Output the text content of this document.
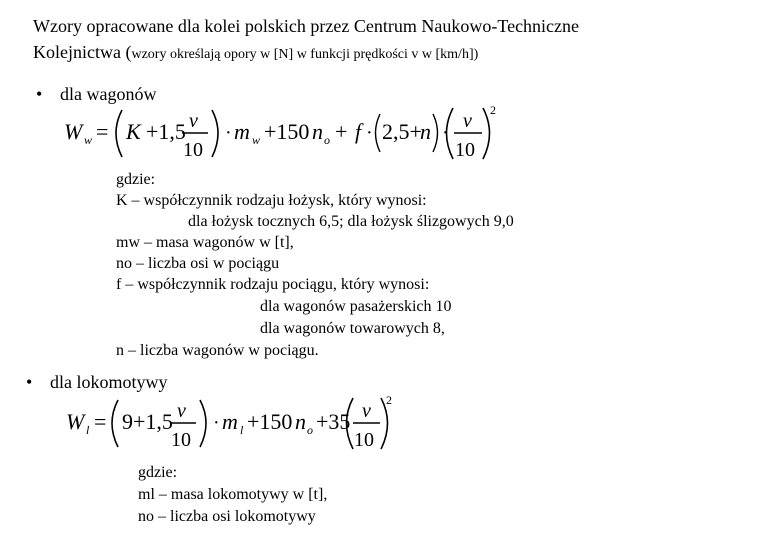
Wzory opracowane dla kolei polskich przez Centrum Naukowo-Techniczne
Kolejnictwa (wzory określają opory w [N] w funkcji prędkości v w [km/h])
• dla wagonów
W w = K +1,5 v
10
· m w +150 n o + f · 2,5+
n ·
v
10
2
gdzie:
K – współczynnik rodzaju łożysk, który wynosi:
dla łożysk tocznych 6,5; dla łożysk ślizgowych 9,0
mw – masa wagonów w [t],
no – liczba osi w pociągu
f – współczynnik rodzaju pociągu, który wynosi:
dla wagonów pasażerskich 10
dla wagonów towarowych 8,
n – liczba wagonów w pociągu.
• dla lokomotywy
W l = 9+1,5 v
10
· m l +150 n o +35 v
10
2
gdzie:
ml – masa lokomotywy w [t],
no – liczba osi lokomotywy
